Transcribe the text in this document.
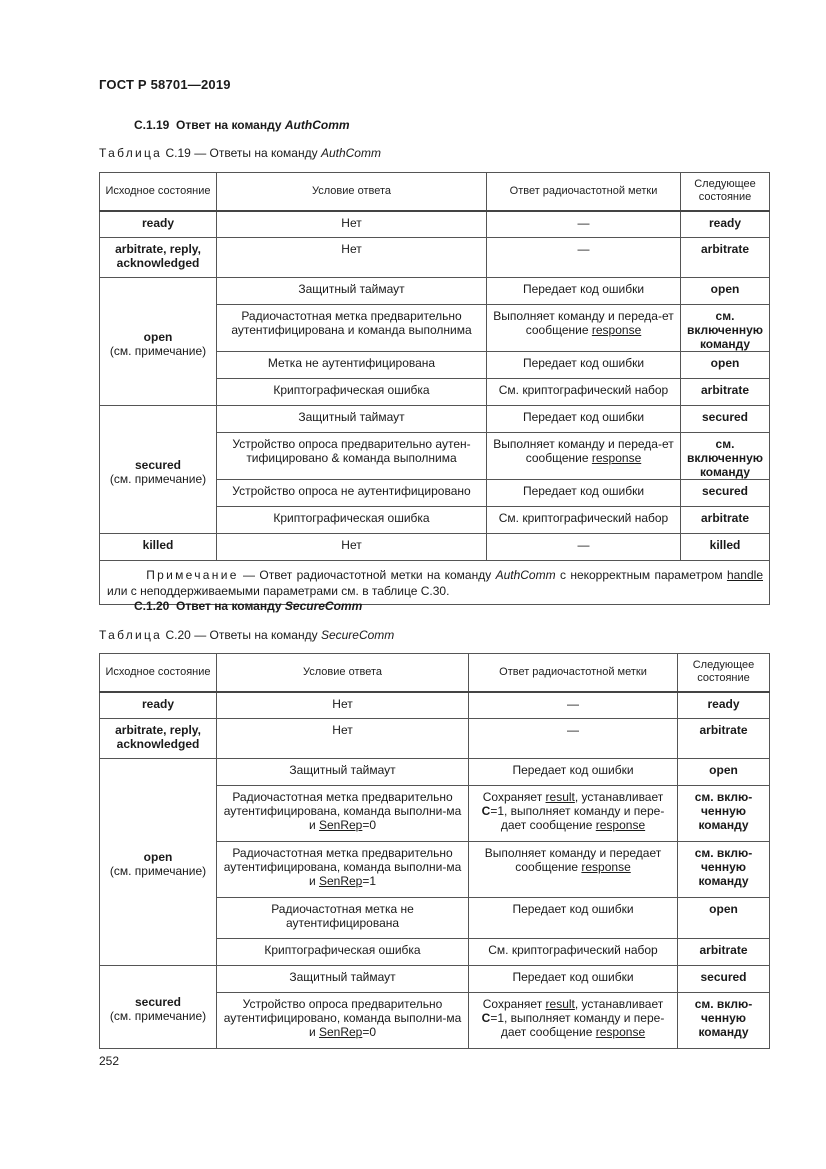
ГОСТ Р 58701—2019
C.1.19 Ответ на команду AuthComm
Таблица С.19 — Ответы на команду AuthComm
Исходное состояние	Условие ответа	Ответ радиочастотной метки	Следующее состояние
ready	Нет	—	ready
arbitrate, reply, acknowledged	Нет	—	arbitrate
open
(см. примечание)	Защитный таймаут	Передает код ошибки	open
	Радиочастотная метка предварительно аутентифицирована и команда выполнима	Выполняет команду и переда-ет сообщение response	см. включенную команду
	Метка не аутентифицирована	Передает код ошибки	open
	Криптографическая ошибка	См. криптографический набор	arbitrate
secured
(см. примечание)	Защитный таймаут	Передает код ошибки	secured
	Устройство опроса предварительно аутен-тифицировано & команда выполнима	Выполняет команду и переда-ет сообщение response	см. включенную команду
	Устройство опроса не аутентифицировано	Передает код ошибки	secured
	Криптографическая ошибка	См. криптографический набор	arbitrate
killed	Нет	—	killed
Примечание — Ответ радиочастотной метки на команду AuthComm с некорректным параметром handle или с неподдерживаемыми параметрами см. в таблице С.30.			
C.1.20 Ответ на команду SecureComm
Таблица С.20 — Ответы на команду SecureComm
Исходное состояние	Условие ответа	Ответ радиочастотной метки	Следующее состояние
ready	Нет	—	ready
arbitrate, reply, acknowledged	Нет	—	arbitrate
open
(см. примечание)	Защитный таймаут	Передает код ошибки	open
	Радиочастотная метка предварительно аутентифицирована, команда выполни-ма и SenRep=0	Сохраняет result, устанавливает C=1, выполняет команду и пере-дает сообщение response	см. вклю-ченную команду
	Радиочастотная метка предварительно аутентифицирована, команда выполни-ма и SenRep=1	Выполняет команду и передает сообщение response	см. вклю-ченную команду
	Радиочастотная метка не аутентифицирована	Передает код ошибки	open
	Криптографическая ошибка	См. криптографический набор	arbitrate
secured
(см. примечание)	Защитный таймаут	Передает код ошибки	secured
	Устройство опроса предварительно аутентифицировано, команда выполни-ма и SenRep=0	Сохраняет result, устанавливает C=1, выполняет команду и пере-дает сообщение response	см. вклю-ченную команду
252
